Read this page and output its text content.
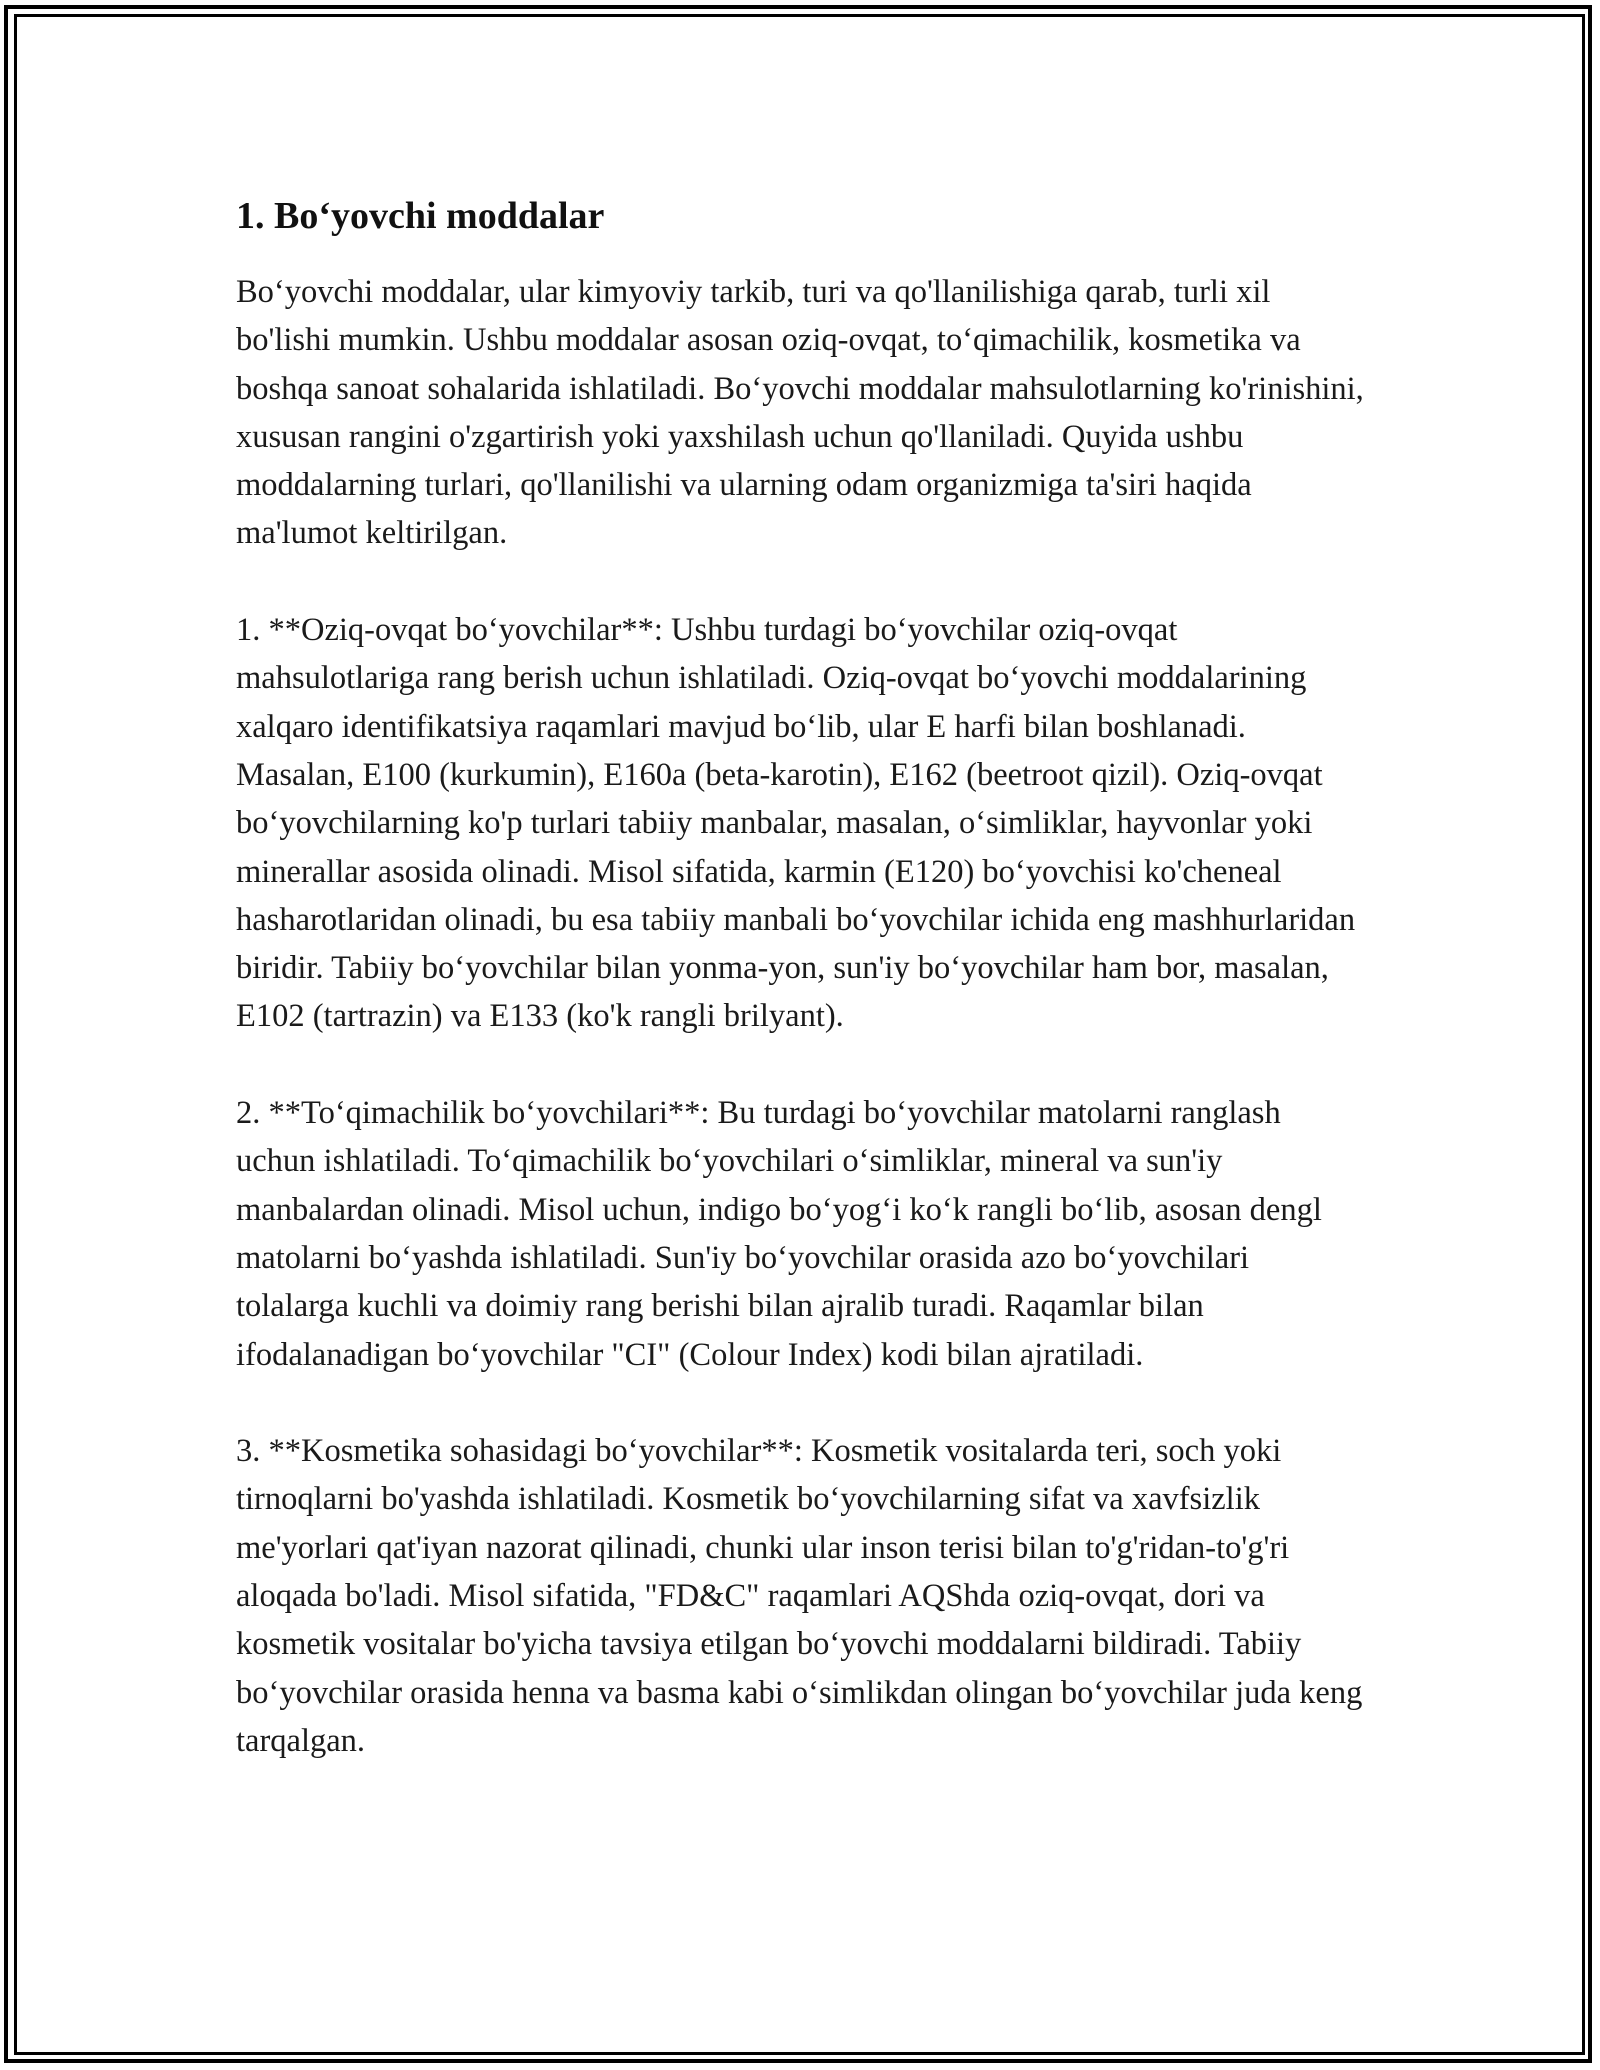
1. Bo‘yovchi moddalar

Bo‘yovchi moddalar, ular kimyoviy tarkib, turi va qo'llanilishiga qarab, turli xil bo'lishi mumkin. Ushbu moddalar asosan oziq-ovqat, to‘qimachilik, kosmetika va boshqa sanoat sohalarida ishlatiladi. Bo‘yovchi moddalar mahsulotlarning ko'rinishini, xususan rangini o'zgartirish yoki yaxshilash uchun qo'llaniladi. Quyida ushbu moddalarning turlari, qo'llanilishi va ularning odam organizmiga ta'siri haqida ma'lumot keltirilgan.

1. **Oziq-ovqat bo‘yovchilar**: Ushbu turdagi bo‘yovchilar oziq-ovqat mahsulotlariga rang berish uchun ishlatiladi. Oziq-ovqat bo‘yovchi moddalarining xalqaro identifikatsiya raqamlari mavjud bo‘lib, ular E harfi bilan boshlanadi. Masalan, E100 (kurkumin), E160a (beta-karotin), E162 (beetroot qizil). Oziq-ovqat bo‘yovchilarning ko'p turlari tabiiy manbalar, masalan, o‘simliklar, hayvonlar yoki minerallar asosida olinadi. Misol sifatida, karmin (E120) bo‘yovchisi ko'cheneal hasharotlaridan olinadi, bu esa tabiiy manbali bo‘yovchilar ichida eng mashhurlaridan biridir. Tabiiy bo‘yovchilar bilan yonma-yon, sun'iy bo‘yovchilar ham bor, masalan, E102 (tartrazin) va E133 (ko'k rangli brilyant).

2. **To‘qimachilik bo‘yovchilari**: Bu turdagi bo‘yovchilar matolarni ranglash uchun ishlatiladi. To‘qimachilik bo‘yovchilari o‘simliklar, mineral va sun'iy manbalardan olinadi. Misol uchun, indigo bo‘yog‘i ko‘k rangli bo‘lib, asosan dengl matolarni bo‘yashda ishlatiladi. Sun'iy bo‘yovchilar orasida azo bo‘yovchilari tolalarga kuchli va doimiy rang berishi bilan ajralib turadi. Raqamlar bilan ifodalanadigan bo‘yovchilar "CI" (Colour Index) kodi bilan ajratiladi.

3. **Kosmetika sohasidagi bo‘yovchilar**: Kosmetik vositalarda teri, soch yoki tirnoqlarni bo'yashda ishlatiladi. Kosmetik bo‘yovchilarning sifat va xavfsizlik me'yorlari qat'iyan nazorat qilinadi, chunki ular inson terisi bilan to'g'ridan-to'g'ri aloqada bo'ladi. Misol sifatida, "FD&C" raqamlari AQShda oziq-ovqat, dori va kosmetik vositalar bo'yicha tavsiya etilgan bo‘yovchi moddalarni bildiradi. Tabiiy bo‘yovchilar orasida henna va basma kabi o‘simlikdan olingan bo‘yovchilar juda keng tarqalgan.
